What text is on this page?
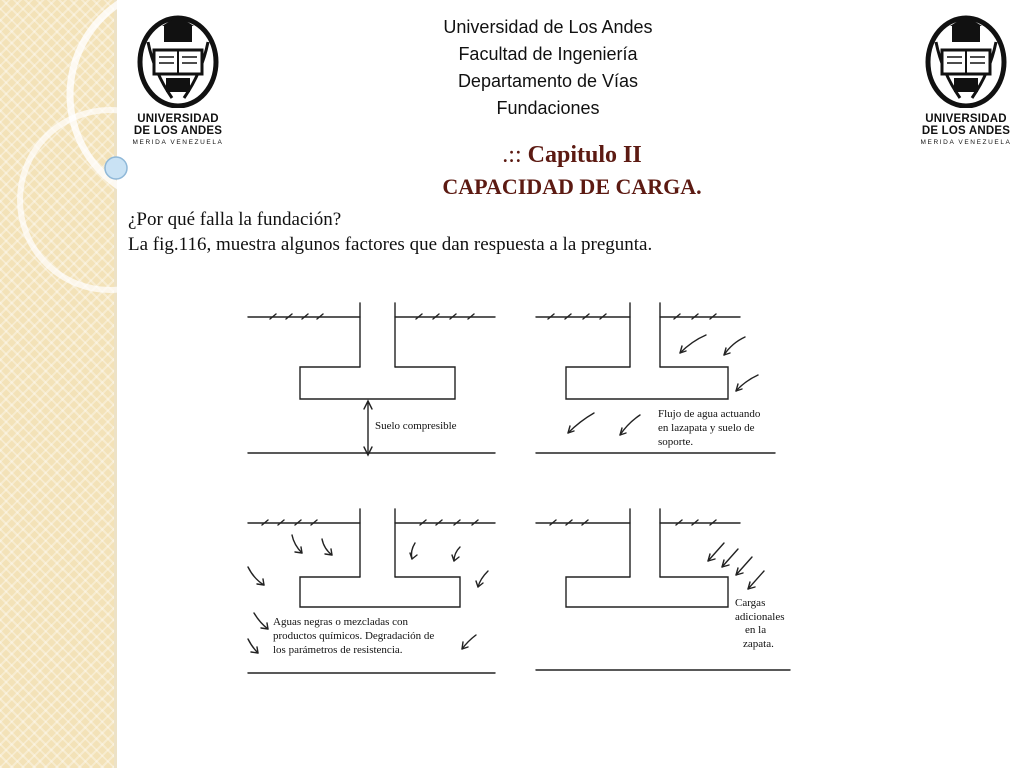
UNIVERSIDAD
DE LOS ANDES
MERIDA VENEZUELA
UNIVERSIDAD
DE LOS ANDES
MERIDA VENEZUELA
Universidad de Los Andes
Facultad de Ingeniería
Departamento de Vías
Fundaciones
.:: Capitulo II
CAPACIDAD DE CARGA.
¿Por qué falla la fundación?
La fig.116, muestra algunos factores que dan respuesta a la pregunta.
Suelo compresible
Flujo de agua actuando
en lazapata y suelo de
soporte.
Aguas negras o mezcladas con
productos químicos. Degradación de
los parámetros de resistencia.
Cargas
adicionales
en la
zapata.
